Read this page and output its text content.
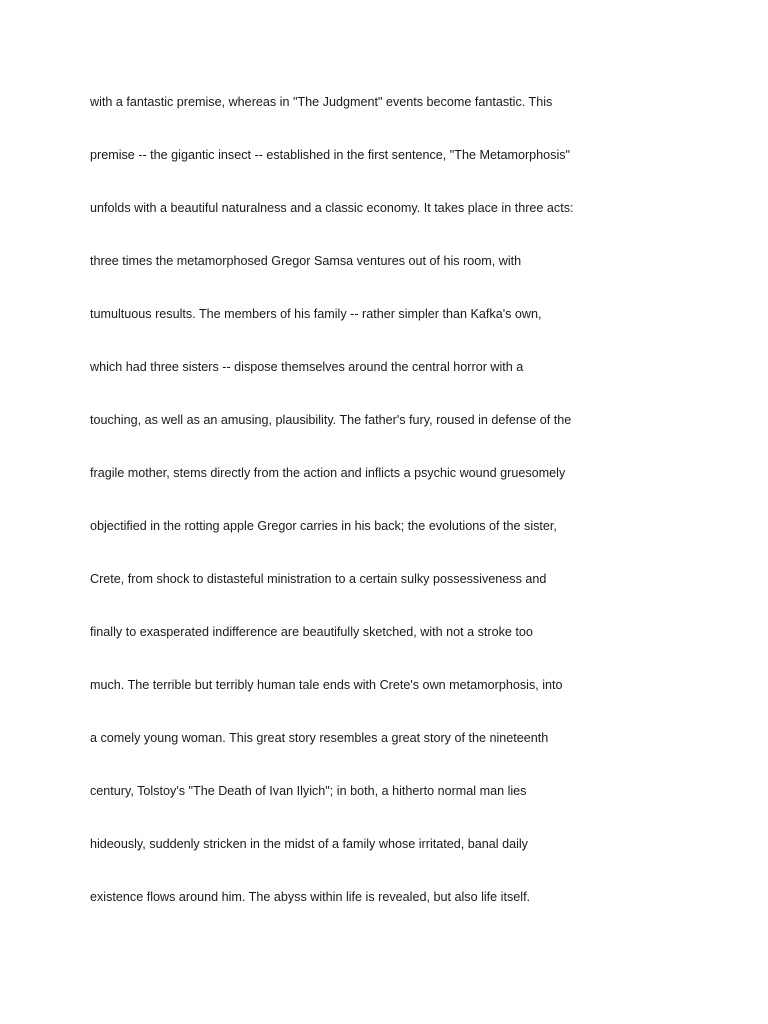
with a fantastic premise, whereas in "The Judgment" events become fantastic. This
premise -- the gigantic insect -- established in the first sentence, "The Metamorphosis"
unfolds with a beautiful naturalness and a classic economy. It takes place in three acts:
three times the metamorphosed Gregor Samsa ventures out of his room, with
tumultuous results. The members of his family -- rather simpler than Kafka's own,
which had three sisters -- dispose themselves around the central horror with a
touching, as well as an amusing, plausibility. The father's fury, roused in defense of the
fragile mother, stems directly from the action and inflicts a psychic wound gruesomely
objectified in the rotting apple Gregor carries in his back; the evolutions of the sister,
Crete, from shock to distasteful ministration to a certain sulky possessiveness and
finally to exasperated indifference are beautifully sketched, with not a stroke too
much. The terrible but terribly human tale ends with Crete's own metamorphosis, into
a comely young woman. This great story resembles a great story of the nineteenth
century, Tolstoy's "The Death of Ivan Ilyich"; in both, a hitherto normal man lies
hideously, suddenly stricken in the midst of a family whose irritated, banal daily
existence flows around him. The abyss within life is revealed, but also life itself.
